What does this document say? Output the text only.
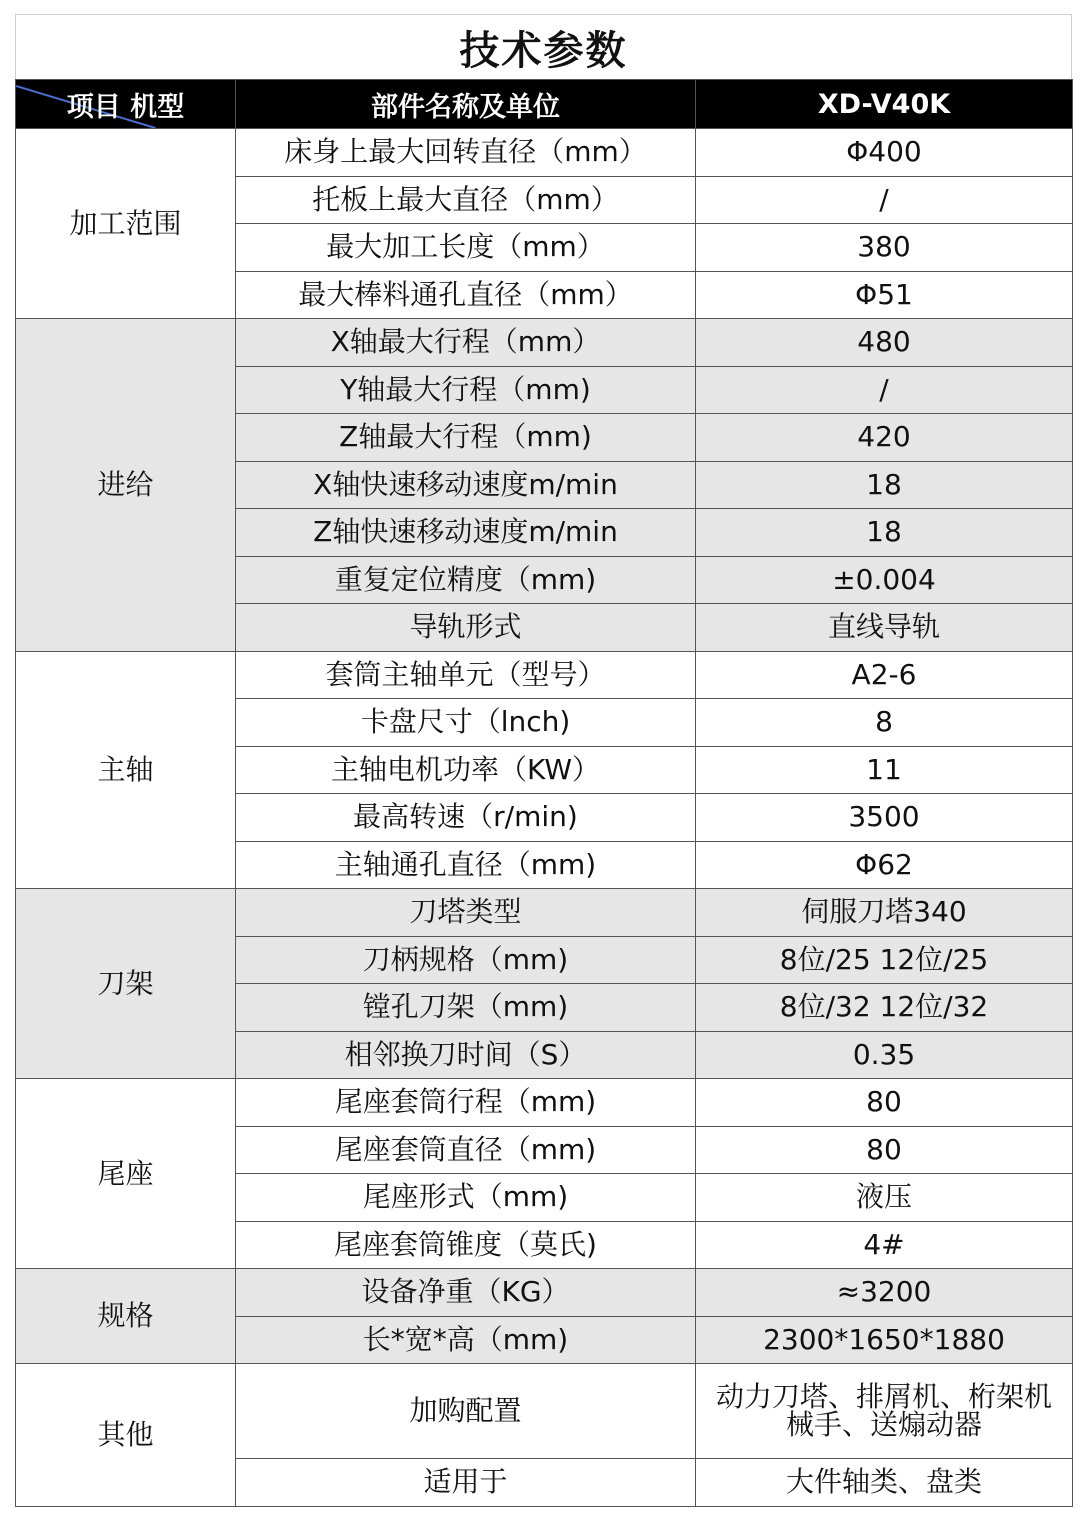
技术参数
项目 机型	部件名称及单位	XD-V40K
加工范围	床身上最大回转直径（mm）	Φ400
	托板上最大直径（mm）	/
	最大加工长度（mm）	380
	最大棒料通孔直径（mm）	Φ51
进给	X轴最大行程（mm）	480
	Y轴最大行程（mm)	/
	Z轴最大行程（mm)	420
	X轴快速移动速度m/min	18
	Z轴快速移动速度m/min	18
	重复定位精度（mm)	±0.004
	导轨形式	直线导轨
主轴	套筒主轴单元（型号）	A2-6
	卡盘尺寸（lnch)	8
	主轴电机功率（KW）	11
	最高转速（r/min)	3500
	主轴通孔直径（mm)	Φ62
刀架	刀塔类型	伺服刀塔340
	刀柄规格（mm)	8位/25 12位/25
	镗孔刀架（mm)	8位/32 12位/32
	相邻换刀时间（S）	0.35
尾座	尾座套筒行程（mm)	80
	尾座套筒直径（mm)	80
	尾座形式（mm)	液压
	尾座套筒锥度（莫氏)	4#
规格	设备净重（KG）	≈3200
	长*宽*高（mm)	2300*1650*1880
其他	加购配置	动力刀塔、排屑机、桁架机
械手、送煽动器

	适用于	大件轴类、盘类
